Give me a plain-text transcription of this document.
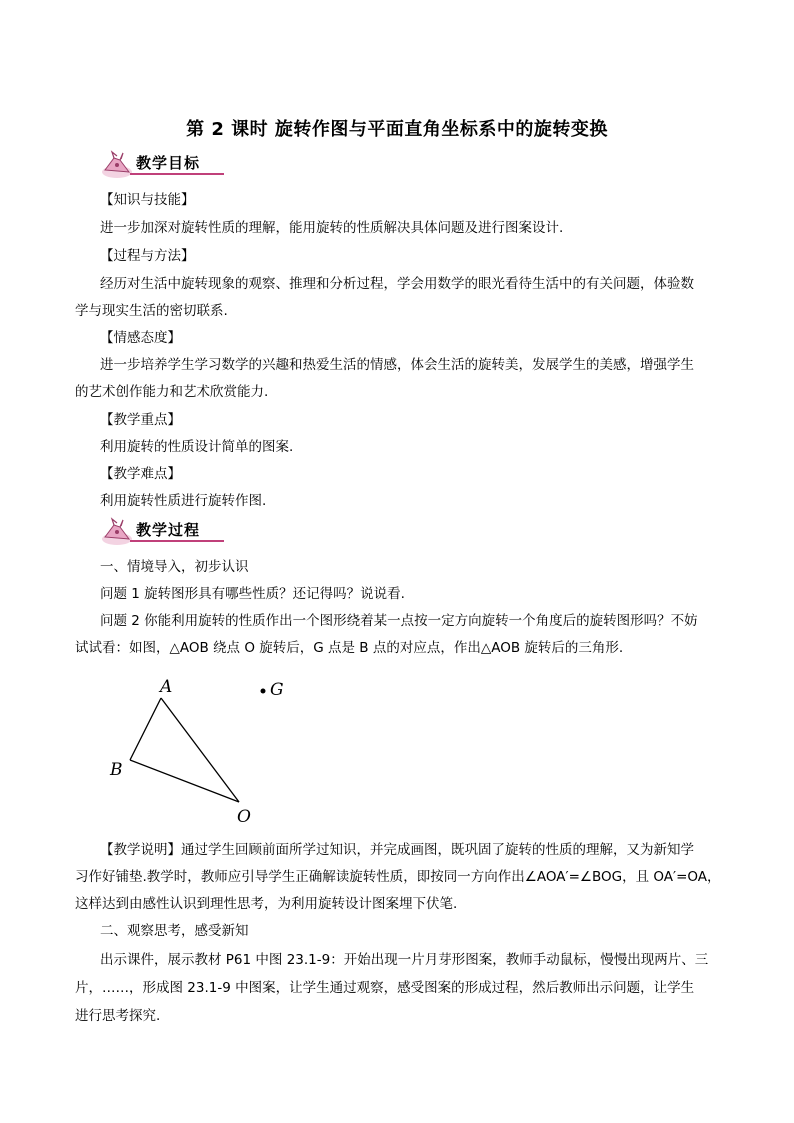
第 2 课时 旋转作图与平面直角坐标系中的旋转变换
教学目标
【知识与技能】
进一步加深对旋转性质的理解，能用旋转的性质解决具体问题及进行图案设计.
【过程与方法】
经历对生活中旋转现象的观察、推理和分析过程，学会用数学的眼光看待生活中的有关问题，体验数
学与现实生活的密切联系.
【情感态度】
进一步培养学生学习数学的兴趣和热爱生活的情感，体会生活的旋转美，发展学生的美感，增强学生
的艺术创作能力和艺术欣赏能力.
【教学重点】
利用旋转的性质设计简单的图案.
【教学难点】
利用旋转性质进行旋转作图.
教学过程
一、情境导入，初步认识
问题 1 旋转图形具有哪些性质？还记得吗？说说看.
问题 2 你能利用旋转的性质作出一个图形绕着某一点按一定方向旋转一个角度后的旋转图形吗？不妨
试试看：如图，△AOB 绕点 O 旋转后，G 点是 B 点的对应点，作出△AOB 旋转后的三角形.
A
B
O
G
【教学说明】通过学生回顾前面所学过知识，并完成画图，既巩固了旋转的性质的理解，又为新知学
习作好铺垫.教学时，教师应引导学生正确解读旋转性质，即按同一方向作出∠AOA′=∠BOG，且 OA′=OA，
这样达到由感性认识到理性思考，为利用旋转设计图案埋下伏笔.
二、观察思考，感受新知
出示课件，展示教材 P61 中图 23.1-9：开始出现一片月芽形图案，教师手动鼠标，慢慢出现两片、三
片，……，形成图 23.1-9 中图案，让学生通过观察，感受图案的形成过程，然后教师出示问题，让学生
进行思考探究.
